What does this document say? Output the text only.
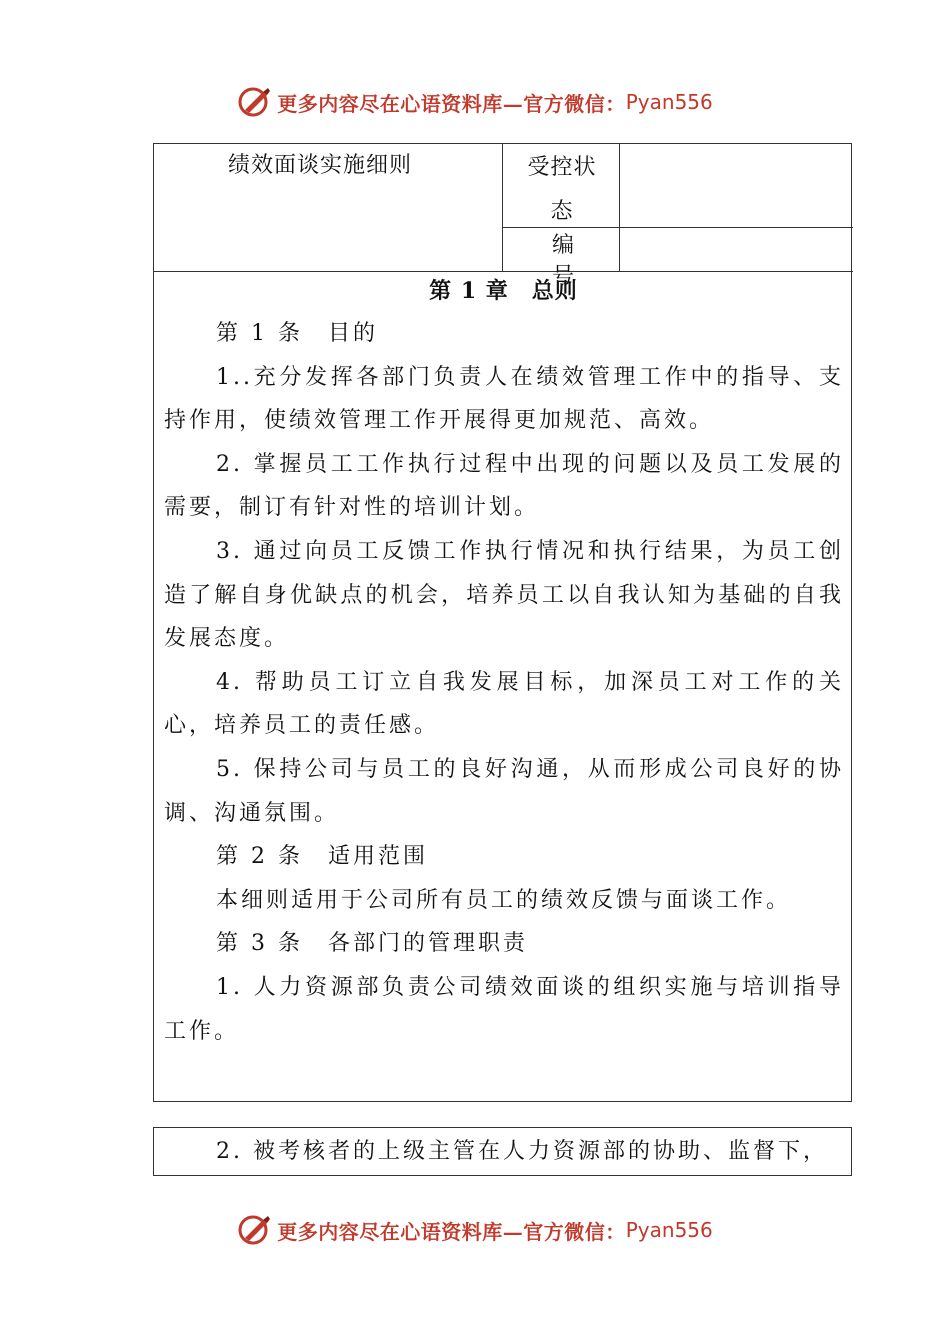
更多内容尽在心语资料库—官方微信： Pyan556
绩效面谈实施细则	受控状态
编号
第 1 章　总则

第 1 条　目的

1..充分发挥各部门负责人在绩效管理工作中的指导、支持作用，使绩效管理工作开展得更加规范、高效。

2. 掌握员工工作执行过程中出现的问题以及员工发展的需要，制订有针对性的培训计划。

3. 通过向员工反馈工作执行情况和执行结果，为员工创造了解自身优缺点的机会，培养员工以自我认知为基础的自我发展态度。

4. 帮助员工订立自我发展目标，加深员工对工作的关心，培养员工的责任感。

5. 保持公司与员工的良好沟通，从而形成公司良好的协调、沟通氛围。

第 2 条　适用范围

本细则适用于公司所有员工的绩效反馈与面谈工作。

第 3 条　各部门的管理职责

1. 人力资源部负责公司绩效面谈的组织实施与培训指导工作。

2. 被考核者的上级主管在人力资源部的协助、监督下，

更多内容尽在心语资料库—官方微信： Pyan556
